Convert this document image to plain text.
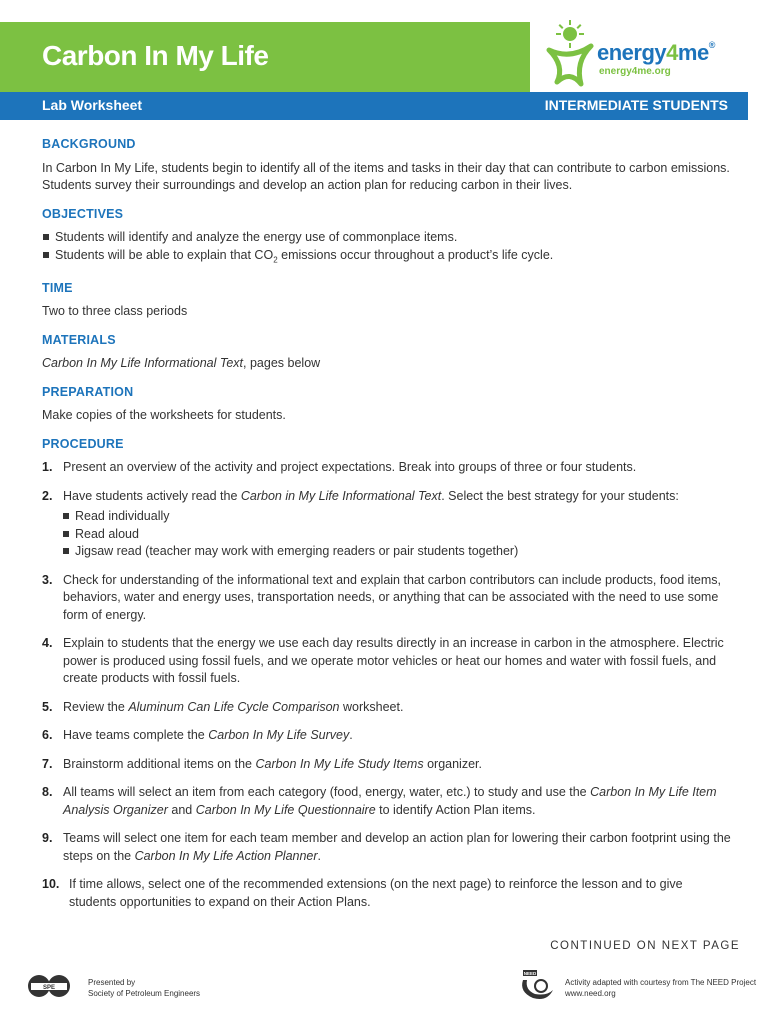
Carbon In My Life
Lab Worksheet	INTERMEDIATE STUDENTS
energy4me®
energy4me.org
BACKGROUND

In Carbon In My Life, students begin to identify all of the items and tasks in their day that can contribute to carbon emissions. Students survey their surroundings and develop an action plan for reducing carbon in their lives.

OBJECTIVES
Students will identify and analyze the energy use of commonplace items.
Students will be able to explain that $CO_2$ emissions occur throughout a product’s life cycle.
TIME

Two to three class periods

MATERIALS

Carbon In My Life Informational Text, pages below

PREPARATION

Make copies of the worksheets for students.

PROCEDURE
1. Present an overview of the activity and project expectations. Break into groups of three or four students.
2. Have students actively read the Carbon in My Life Informational Text. Select the best strategy for your students:
Read individually
Read aloud
Jigsaw read (teacher may work with emerging readers or pair students together)
3. Check for understanding of the informational text and explain that carbon contributors can include products, food items, behaviors, water and energy uses, transportation needs, or anything that can be associated with the need to use some form of energy.
4. Explain to students that the energy we use each day results directly in an increase in carbon in the atmosphere. Electric power is produced using fossil fuels, and we operate motor vehicles or heat our homes and water with fossil fuels, and create products with fossil fuels.
5. Review the Aluminum Can Life Cycle Comparison worksheet.
6. Have teams complete the Carbon In My Life Survey.
7. Brainstorm additional items on the Carbon In My Life Study Items organizer.
8. All teams will select an item from each category (food, energy, water, etc.) to study and use the Carbon In My Life Item Analysis Organizer and Carbon In My Life Questionnaire to identify Action Plan items.
9. Teams will select one item for each team member and develop an action plan for lowering their carbon footprint using the steps on the Carbon In My Life Action Planner.
10. If time allows, select one of the recommended extensions (on the next page) to reinforce the lesson and to give students opportunities to expand on their Action Plans.
CONTINUED ON NEXT PAGE
SPE
Presented by
Society of Petroleum Engineers
NEED
Activity adapted with courtesy from The NEED Project
www.need.org
